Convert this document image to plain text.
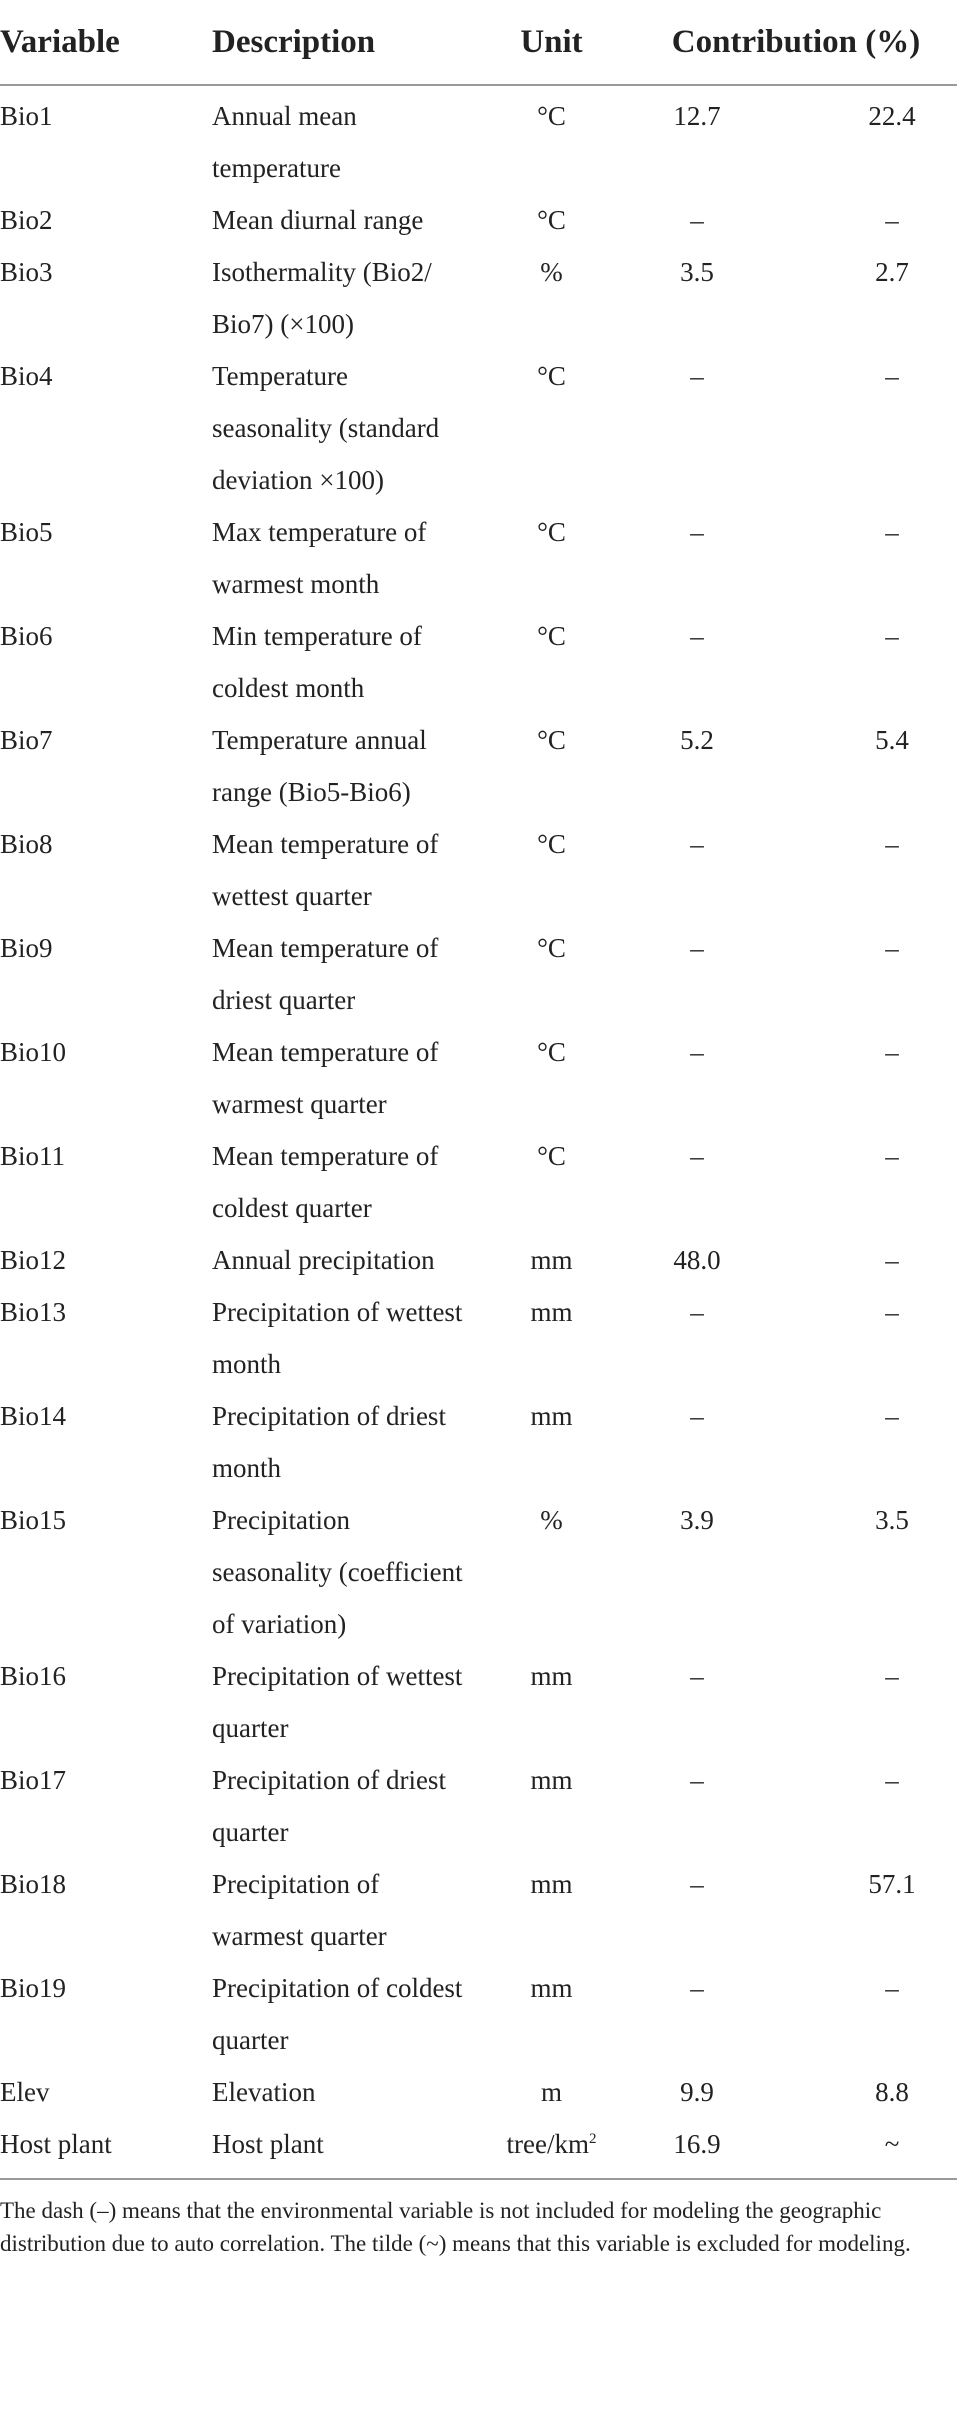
Variable	Description	Unit	Contribution (%)	
Bio1	Annual mean temperature	°C	12.7	22.4
Bio2	Mean diurnal range	°C	–	–
Bio3	Isothermality (Bio2/ Bio7) (×100)	%	3.5	2.7
Bio4	Temperature seasonality (standard deviation ×100)	°C	–	–
Bio5	Max temperature of warmest month	°C	–	–
Bio6	Min temperature of coldest month	°C	–	–
Bio7	Temperature annual range (Bio5-Bio6)	°C	5.2	5.4
Bio8	Mean temperature of wettest quarter	°C	–	–
Bio9	Mean temperature of driest quarter	°C	–	–
Bio10	Mean temperature of warmest quarter	°C	–	–
Bio11	Mean temperature of coldest quarter	°C	–	–
Bio12	Annual precipitation	mm	48.0	–
Bio13	Precipitation of wettest month	mm	–	–
Bio14	Precipitation of driest month	mm	–	–
Bio15	Precipitation seasonality (coefficient of variation)	%	3.9	3.5
Bio16	Precipitation of wettest quarter	mm	–	–
Bio17	Precipitation of driest quarter	mm	–	–
Bio18	Precipitation of warmest quarter	mm	–	57.1
Bio19	Precipitation of coldest quarter	mm	–	–
Elev	Elevation	m	9.9	8.8
Host plant	Host plant	tree/$km^2$	16.9	~
The dash (–) means that the environmental variable is not included for modeling the geographic distribution due to auto correlation. The tilde (~) means that this variable is excluded for modeling.
